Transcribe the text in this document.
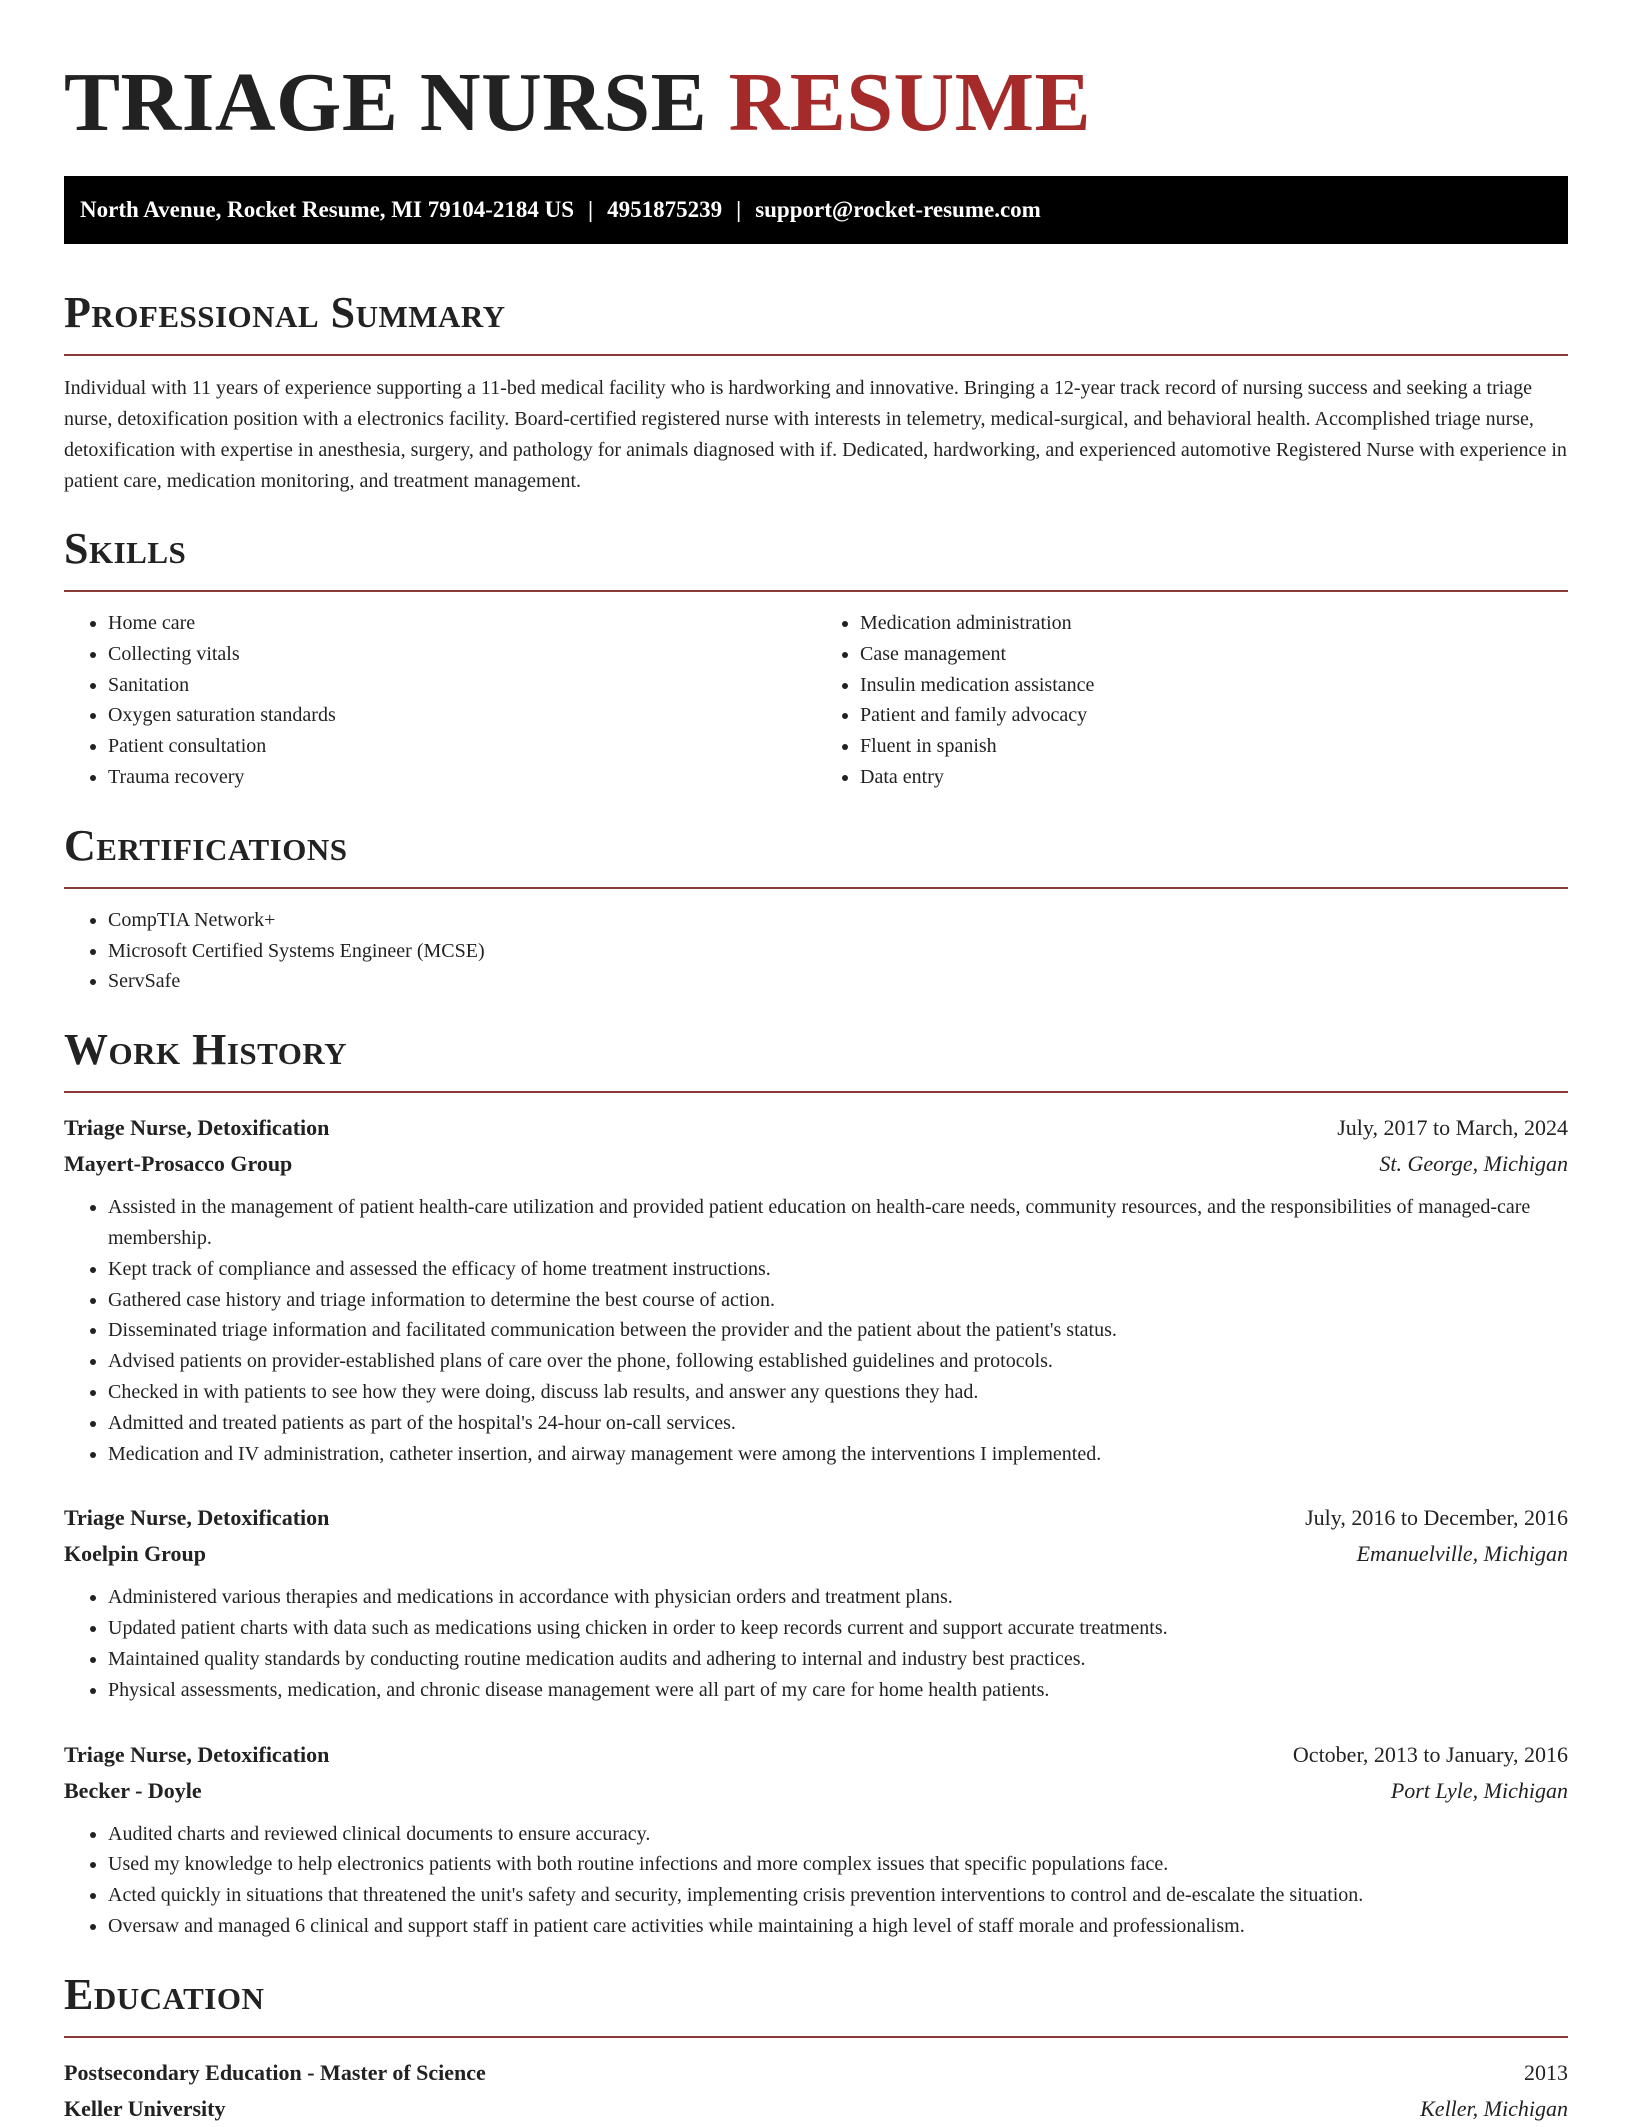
TRIAGE NURSE RESUME
North Avenue, Rocket Resume, MI 79104-2184 US | 4951875239 | support@rocket-resume.com
Professional Summary

Individual with 11 years of experience supporting a 11-bed medical facility who is hardworking and innovative. Bringing a 12-year track record of nursing success and seeking a triage nurse, detoxification position with a electronics facility. Board-certified registered nurse with interests in telemetry, medical-surgical, and behavioral health. Accomplished triage nurse, detoxification with expertise in anesthesia, surgery, and pathology for animals diagnosed with if. Dedicated, hardworking, and experienced automotive Registered Nurse with experience in patient care, medication monitoring, and treatment management.

Skills
• Home care
• Collecting vitals
• Sanitation
• Oxygen saturation standards
• Patient consultation
• Trauma recovery
• Medication administration
• Case management
• Insulin medication assistance
• Patient and family advocacy
• Fluent in spanish
• Data entry
Certifications
• CompTIA Network+
• Microsoft Certified Systems Engineer (MCSE)
• ServSafe
Work History
Triage Nurse, Detoxification	July, 2017 to March, 2024
Mayert-Prosacco Group	St. George, Michigan
• Assisted in the management of patient health-care utilization and provided patient education on health-care needs, community resources, and the responsibilities of managed-care membership.
• Kept track of compliance and assessed the efficacy of home treatment instructions.
• Gathered case history and triage information to determine the best course of action.
• Disseminated triage information and facilitated communication between the provider and the patient about the patient's status.
• Advised patients on provider-established plans of care over the phone, following established guidelines and protocols.
• Checked in with patients to see how they were doing, discuss lab results, and answer any questions they had.
• Admitted and treated patients as part of the hospital's 24-hour on-call services.
• Medication and IV administration, catheter insertion, and airway management were among the interventions I implemented.
Triage Nurse, Detoxification	July, 2016 to December, 2016
Koelpin Group	Emanuelville, Michigan
• Administered various therapies and medications in accordance with physician orders and treatment plans.
• Updated patient charts with data such as medications using chicken in order to keep records current and support accurate treatments.
• Maintained quality standards by conducting routine medication audits and adhering to internal and industry best practices.
• Physical assessments, medication, and chronic disease management were all part of my care for home health patients.
Triage Nurse, Detoxification	October, 2013 to January, 2016
Becker - Doyle	Port Lyle, Michigan
• Audited charts and reviewed clinical documents to ensure accuracy.
• Used my knowledge to help electronics patients with both routine infections and more complex issues that specific populations face.
• Acted quickly in situations that threatened the unit's safety and security, implementing crisis prevention interventions to control and de-escalate the situation.
• Oversaw and managed 6 clinical and support staff in patient care activities while maintaining a high level of staff morale and professionalism.
Education
Postsecondary Education - Master of Science	2013
Keller University	Keller, Michigan
